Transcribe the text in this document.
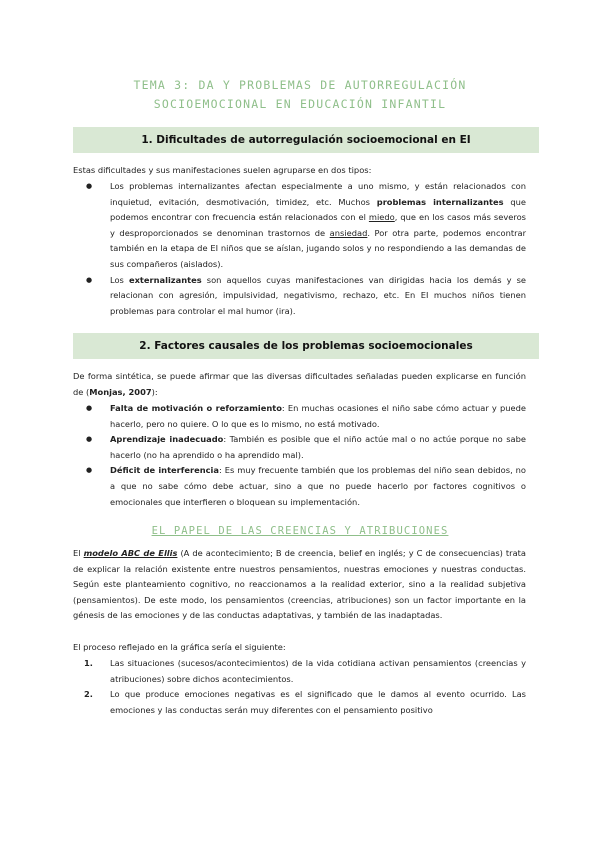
TEMA 3: DA Y PROBLEMAS DE AUTORREGULACIÓN
SOCIOEMOCIONAL EN EDUCACIÓN INFANTIL
1. Dificultades de autorregulación socioemocional en EI
Estas dificultades y sus manifestaciones suelen agruparse en dos tipos:
● Los problemas internalizantes afectan especialmente a uno mismo, y están relacionados con inquietud, evitación, desmotivación, timidez, etc. Muchos problemas internalizantes que podemos encontrar con frecuencia están relacionados con el miedo, que en los casos más severos y desproporcionados se denominan trastornos de ansiedad. Por otra parte, podemos encontrar también en la etapa de EI niños que se aíslan, jugando solos y no respondiendo a las demandas de sus compañeros (aislados).
● Los externalizantes son aquellos cuyas manifestaciones van dirigidas hacia los demás y se relacionan con agresión, impulsividad, negativismo, rechazo, etc. En EI muchos niños tienen problemas para controlar el mal humor (ira).
2. Factores causales de los problemas socioemocionales
De forma sintética, se puede afirmar que las diversas dificultades señaladas pueden explicarse en función de (Monjas, 2007):
● Falta de motivación o reforzamiento: En muchas ocasiones el niño sabe cómo actuar y puede hacerlo, pero no quiere. O lo que es lo mismo, no está motivado.
● Aprendizaje inadecuado: También es posible que el niño actúe mal o no actúe porque no sabe hacerlo (no ha aprendido o ha aprendido mal).
● Déficit de interferencia: Es muy frecuente también que los problemas del niño sean debidos, no a que no sabe cómo debe actuar, sino a que no puede hacerlo por factores cognitivos o emocionales que interfieren o bloquean su implementación.
EL PAPEL DE LAS CREENCIAS Y ATRIBUCIONES
El modelo ABC de Ellis (A de acontecimiento; B de creencia, belief en inglés; y C de consecuencias) trata de explicar la relación existente entre nuestros pensamientos, nuestras emociones y nuestras conductas. Según este planteamiento cognitivo, no reaccionamos a la realidad exterior, sino a la realidad subjetiva (pensamientos). De este modo, los pensamientos (creencias, atribuciones) son un factor importante en la génesis de las emociones y de las conductas adaptativas, y también de las inadaptadas.
El proceso reflejado en la gráfica sería el siguiente:
1. Las situaciones (sucesos/acontecimientos) de la vida cotidiana activan pensamientos (creencias y atribuciones) sobre dichos acontecimientos.
2. Lo que produce emociones negativas es el significado que le damos al evento ocurrido. Las emociones y las conductas serán muy diferentes con el pensamiento positivo
